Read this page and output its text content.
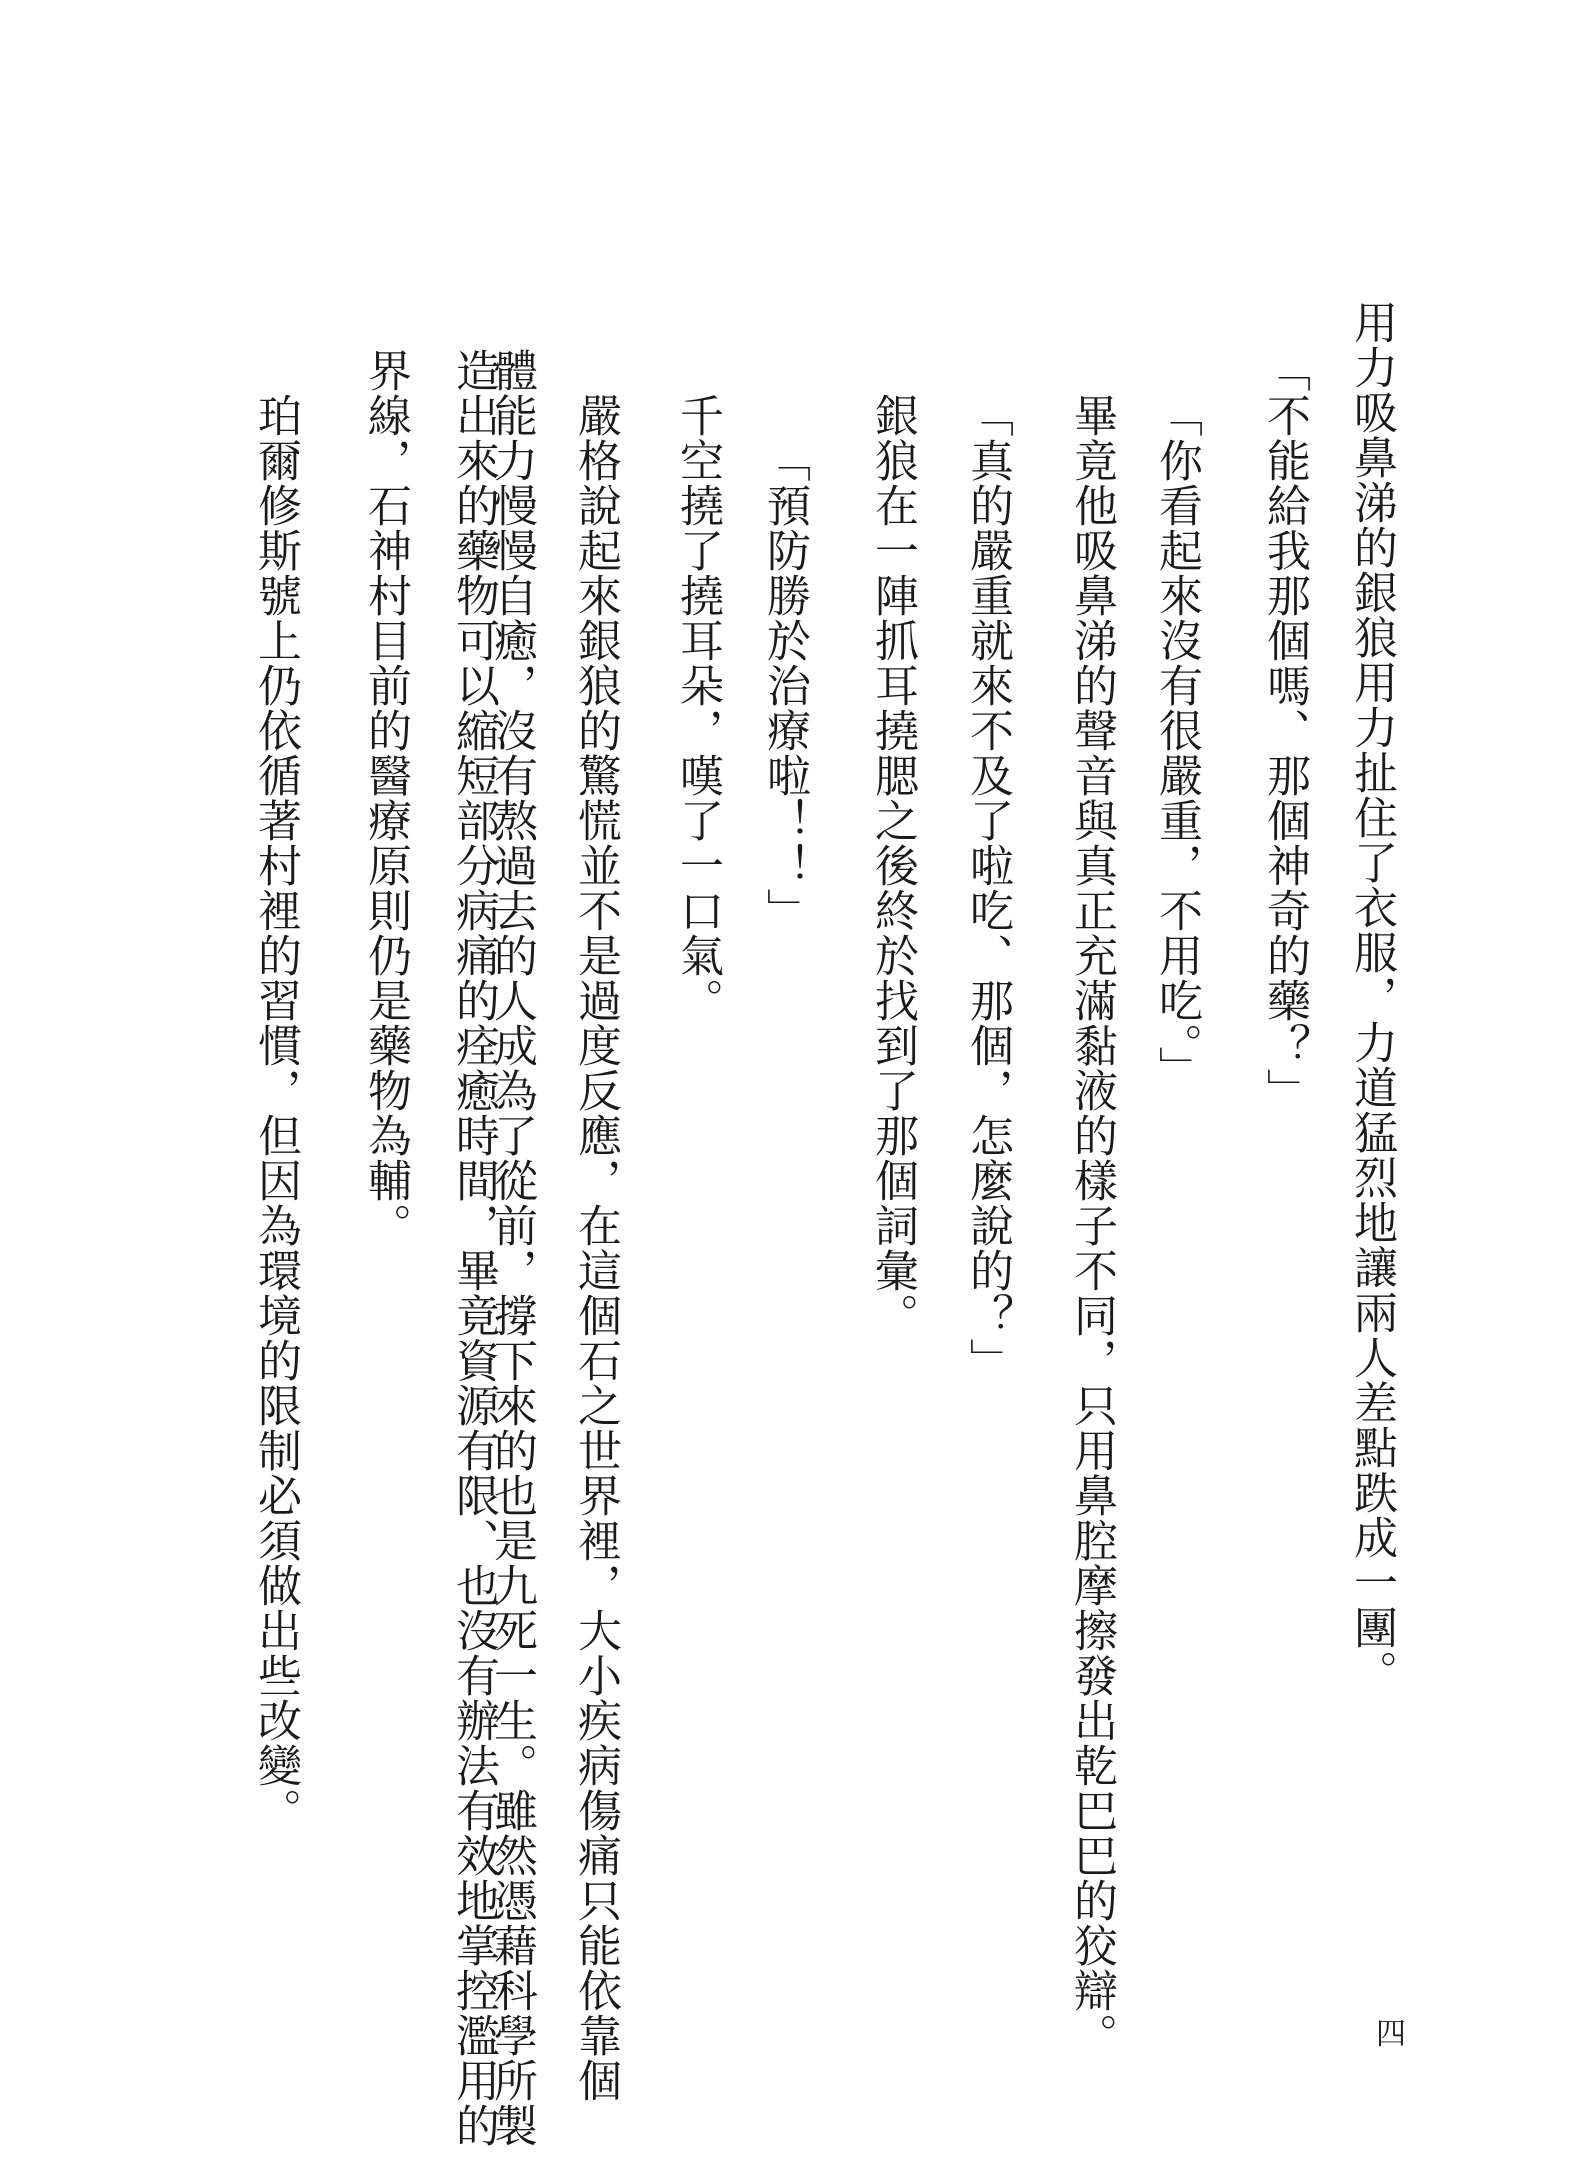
用力吸鼻涕的銀狼用力扯住了衣服，力道猛烈地讓兩人差點跌成一團。
「不能給我那個嗎、那個神奇的藥？」
「你看起來沒有很嚴重，不用吃。」
畢竟他吸鼻涕的聲音與真正充滿黏液的樣子不同，只用鼻腔摩擦發出乾巴巴的狡辯。
「真的嚴重就來不及了啦吃、那個，怎麼說的？」
銀狼在一陣抓耳撓腮之後終於找到了那個詞彙。
「預防勝於治療啦！！」
千空撓了撓耳朵，嘆了一口氣。
嚴格說起來銀狼的驚慌並不是過度反應，在這個石之世界裡，大小疾病傷痛只能依靠個
體能力慢慢自癒，沒有熬過去的人成為了從前，撐下來的也是九死一生。雖然憑藉科學所製
造出來的藥物可以縮短部分病痛的痊癒時間，畢竟資源有限、也沒有辦法有效地掌控濫用的
界線，石神村目前的醫療原則仍是藥物為輔。
珀爾修斯號上仍依循著村裡的習慣，但因為環境的限制必須做出些改變。
四
